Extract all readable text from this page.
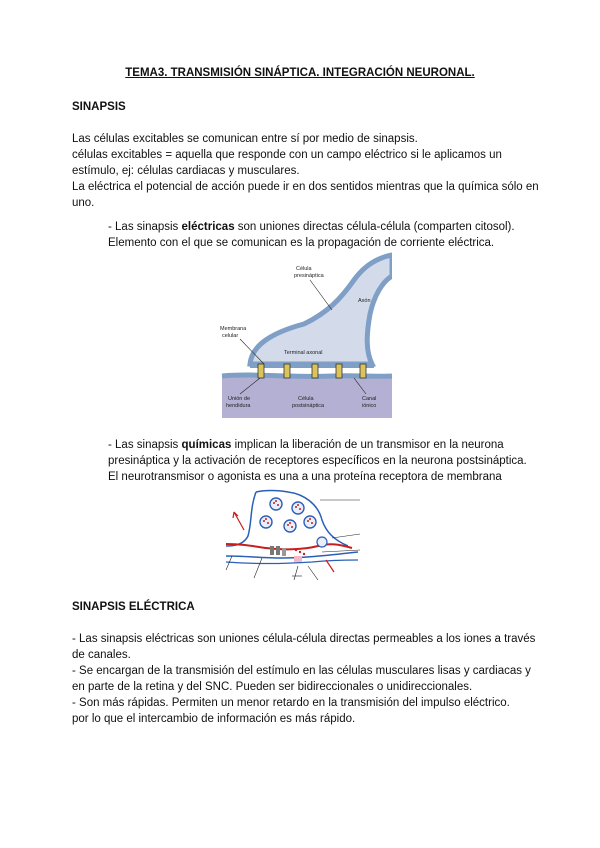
TEMA3. TRANSMISIÓN SINÁPTICA. INTEGRACIÓN NEURONAL.
SINAPSIS
Las células excitables se comunican entre sí por medio de sinapsis.
células excitables = aquella que responde con un campo eléctrico si le aplicamos un
estímulo, ej: células cardiacas y musculares.
La eléctrica el potencial de acción puede ir en dos sentidos mientras que la química sólo en
uno.
- Las sinapsis eléctricas son uniones directas célula-célula (comparten citosol).
Elemento con el que se comunican es la propagación de corriente eléctrica.
Célula
presináptica
Axón
Membrana
celular
Terminal axonal
Unión de
hendidura
Célula
postsináptica
Canal
iónico
- Las sinapsis químicas implican la liberación de un transmisor en la neurona
presináptica y la activación de receptores específicos en la neurona postsináptica.
El neurotransmisor o agonista es una a una proteína receptora de membrana
SINAPSIS ELÉCTRICA
- Las sinapsis eléctricas son uniones célula-célula directas permeables a los iones a través
de canales.
- Se encargan de la transmisión del estímulo en las células musculares lisas y cardiacas y
en parte de la retina y del SNC. Pueden ser bidireccionales o unidireccionales.
- Son más rápidas. Permiten un menor retardo en la transmisión del impulso eléctrico.
por lo que el intercambio de información es más rápido.
